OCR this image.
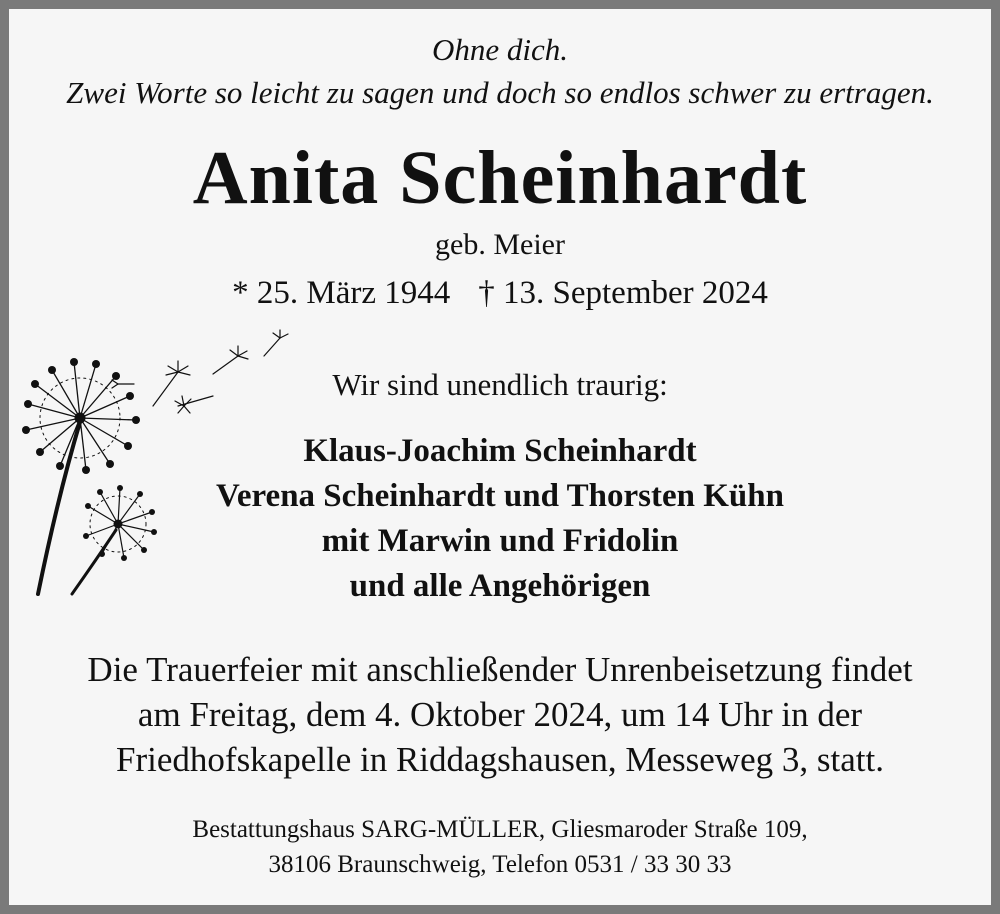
Ohne dich.
Zwei Worte so leicht zu sagen und doch so endlos schwer zu ertragen.
Anita Scheinhardt
geb. Meier
* 25. März 1944 † 13. September 2024
Wir sind unendlich traurig:
Klaus-Joachim Scheinhardt
Verena Scheinhardt und Thorsten Kühn
mit Marwin und Fridolin
und alle Angehörigen
Die Trauerfeier mit anschließender Unrenbeisetzung findet
am Freitag, dem 4. Oktober 2024, um 14 Uhr in der
Friedhofskapelle in Riddagshausen, Messeweg 3, statt.
Bestattungshaus SARG-MÜLLER, Gliesmaroder Straße 109,
38106 Braunschweig, Telefon 0531 / 33 30 33
